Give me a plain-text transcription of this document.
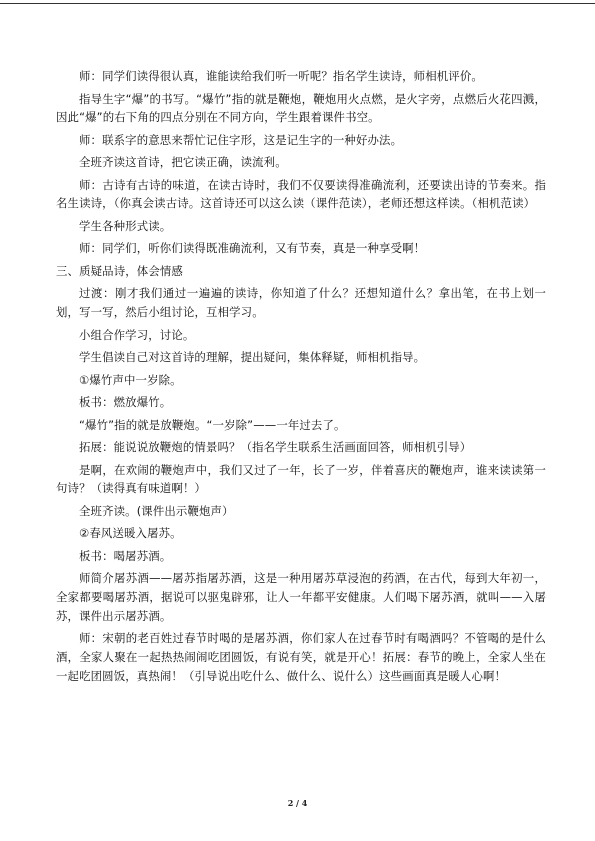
师：同学们读得很认真，谁能读给我们听一听呢？指名学生读诗，师相机评价。

指导生字“爆”的书写。“爆竹”指的就是鞭炮，鞭炮用火点燃，是火字旁，点燃后火花四溅，因此“爆”的右下角的四点分别在不同方向，学生跟着课件书空。

师：联系字的意思来帮忙记住字形，这是记生字的一种好办法。

全班齐读这首诗，把它读正确，读流利。

师：古诗有古诗的味道，在读古诗时，我们不仅要读得准确流利，还要读出诗的节奏来。指名生读诗，（你真会读古诗。这首诗还可以这么读（课件范读），老师还想这样读。（相机范读）

学生各种形式读。

师：同学们，听你们读得既准确流利，又有节奏，真是一种享受啊！

三、质疑品诗，体会情感

过渡：刚才我们通过一遍遍的读诗，你知道了什么？还想知道什么？拿出笔，在书上划一划，写一写，然后小组讨论，互相学习。

小组合作学习，讨论。

学生倡读自己对这首诗的理解，提出疑问，集体释疑，师相机指导。

①爆竹声中一岁除。

板书：燃放爆竹。

“爆竹”指的就是放鞭炮。“一岁除”——一年过去了。

拓展：能说说放鞭炮的情景吗？（指名学生联系生活画面回答，师相机引导）

是啊，在欢闹的鞭炮声中，我们又过了一年，长了一岁，伴着喜庆的鞭炮声，谁来读读第一句诗？（读得真有味道啊！）

全班齐读。(课件出示鞭炮声）

②春风送暖入屠苏。

板书：喝屠苏酒。

师简介屠苏酒——屠苏指屠苏酒，这是一种用屠苏草浸泡的药酒，在古代，每到大年初一，全家都要喝屠苏酒，据说可以驱鬼辟邪，让人一年都平安健康。人们喝下屠苏酒，就叫——入屠苏，课件出示屠苏酒。

师：宋朝的老百姓过春节时喝的是屠苏酒，你们家人在过春节时有喝酒吗？不管喝的是什么酒，全家人聚在一起热热闹闹吃团圆饭，有说有笑，就是开心！拓展：春节的晚上，全家人坐在一起吃团圆饭，真热闹！（引导说出吃什么、做什么、说什么）这些画面真是暖人心啊！

2 / 4
